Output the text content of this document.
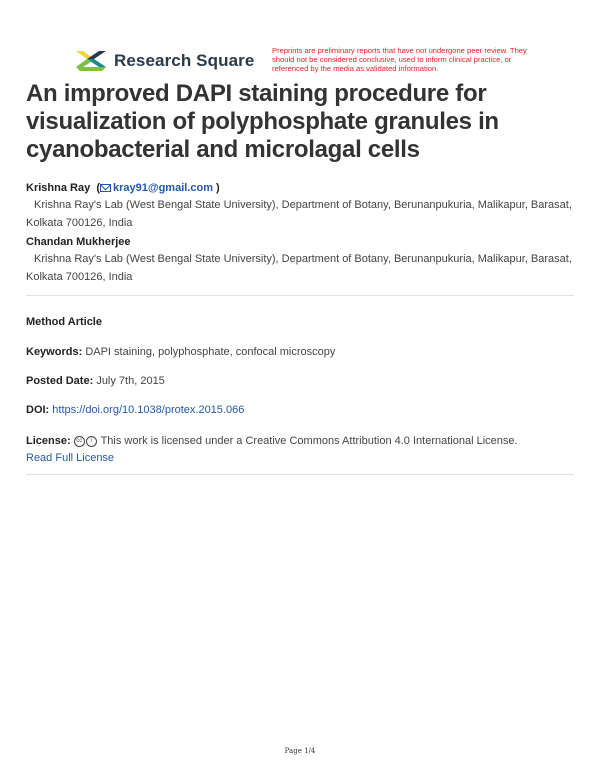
Research Square
Preprints are preliminary reports that have not undergone peer review. They should not be considered conclusive, used to inform clinical practice, or referenced by the media as validated information.
An improved DAPI staining procedure for visualization of polyphosphate granules in cyanobacterial and microlagal cells
Krishna Ray  ( kray91@gmail.com )
Krishna Ray's Lab (West Bengal State University), Department of Botany, Berunanpukuria, Malikapur, Barasat, Kolkata 700126, India
Chandan Mukherjee
Krishna Ray's Lab (West Bengal State University), Department of Botany, Berunanpukuria, Malikapur, Barasat, Kolkata 700126, India
Method Article
Keywords: DAPI staining, polyphosphate, confocal microscopy
Posted Date: July 7th, 2015
DOI: https://doi.org/10.1038/protex.2015.066
License: cc i This work is licensed under a Creative Commons Attribution 4.0 International License.
Read Full License
Page 1/4
